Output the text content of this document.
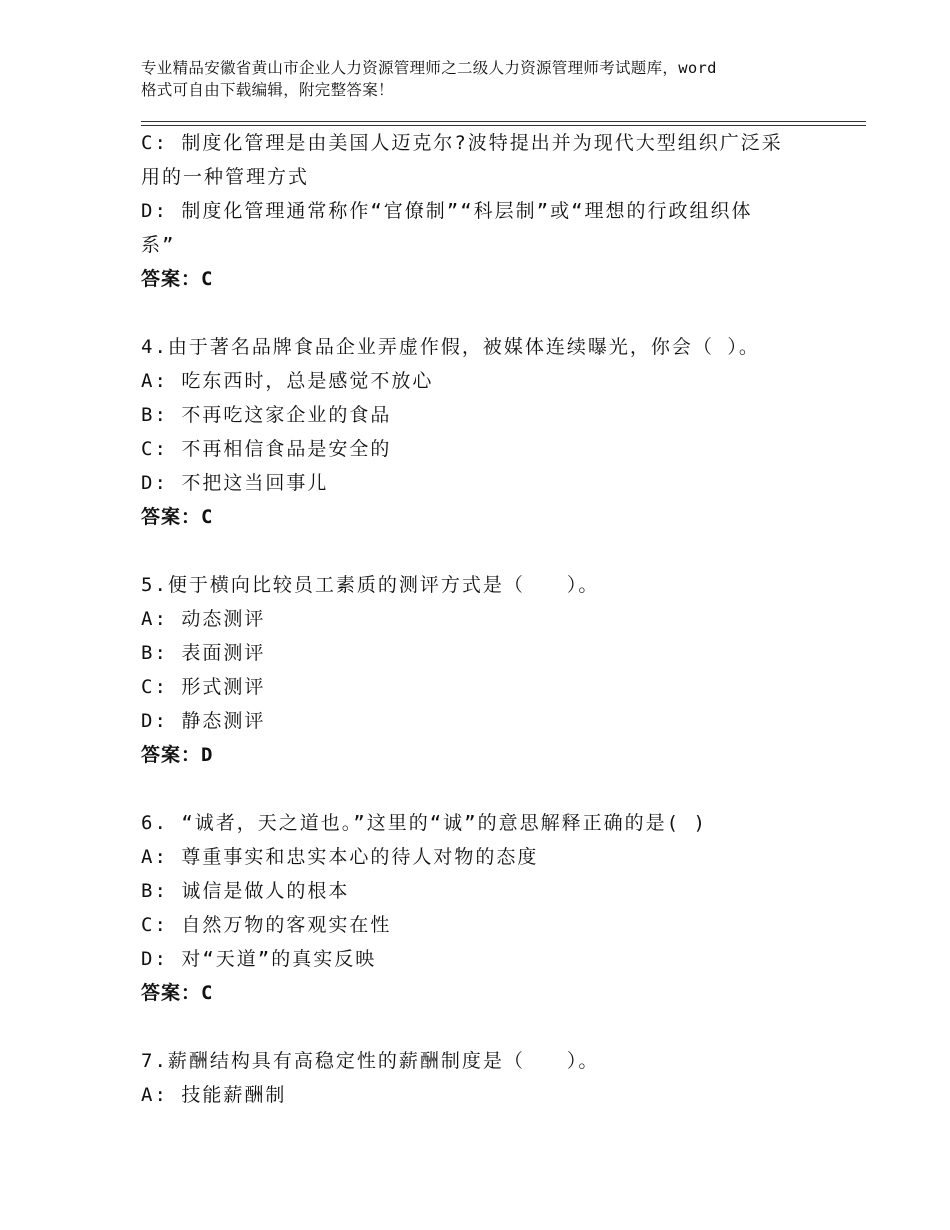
专业精品安徽省黄山市企业人力资源管理师之二级人力资源管理师考试题库，word
格式可自由下载编辑，附完整答案！
C: 制度化管理是由美国人迈克尔?波特提出并为现代大型组织广泛采
用的一种管理方式
D: 制度化管理通常称作“官僚制”“科层制”或“理想的行政组织体
系”
答案：C
4.由于著名品牌食品企业弄虚作假，被媒体连续曝光，你会（ ）。
A: 吃东西时，总是感觉不放心
B: 不再吃这家企业的食品
C: 不再相信食品是安全的
D: 不把这当回事儿
答案：C
5.便于横向比较员工素质的测评方式是（　　）。
A: 动态测评
B: 表面测评
C: 形式测评
D: 静态测评
答案：D
6. “诚者，天之道也。”这里的“诚”的意思解释正确的是( )
A: 尊重事实和忠实本心的待人对物的态度
B: 诚信是做人的根本
C: 自然万物的客观实在性
D: 对“天道”的真实反映
答案：C
7.薪酬结构具有高稳定性的薪酬制度是（　　）。
A: 技能薪酬制
